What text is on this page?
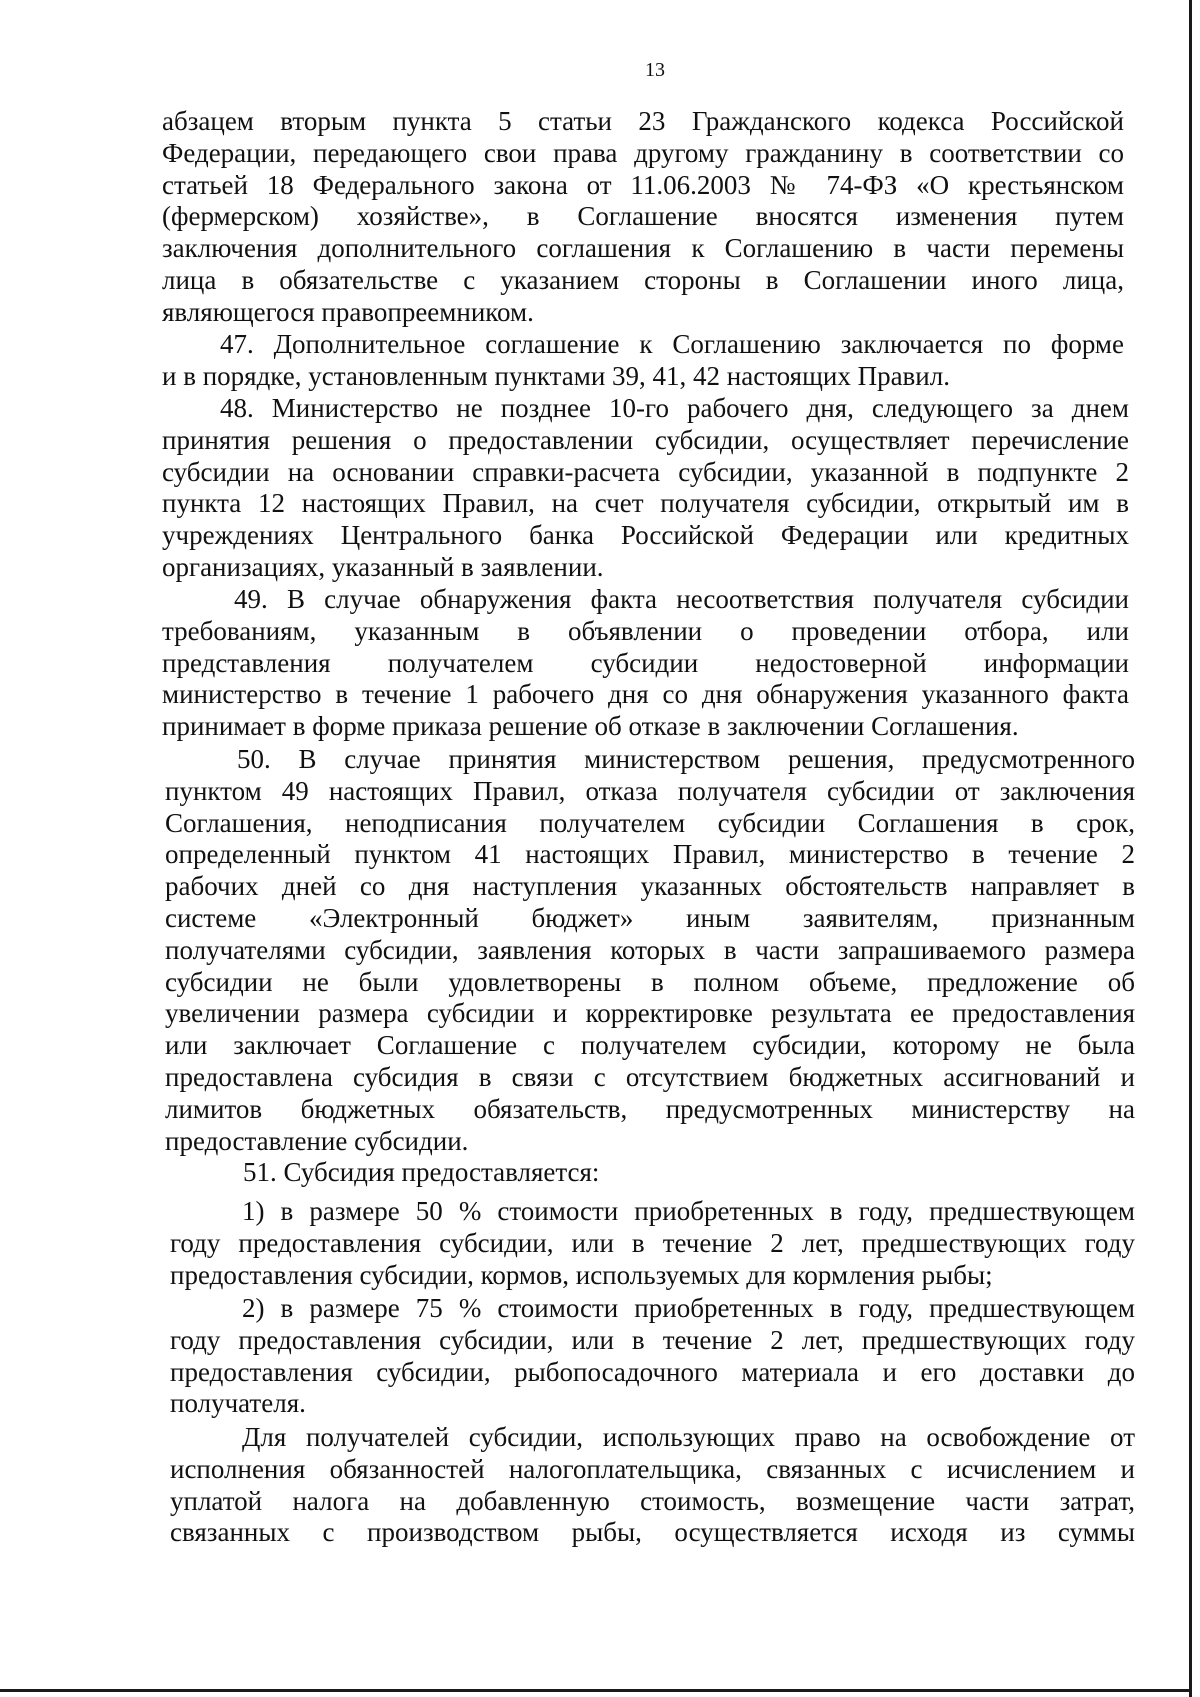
13
абзацем вторым пункта 5 статьи 23 Гражданского кодекса Российской
Федерации, передающего свои права другому гражданину в соответствии со
статьей 18 Федерального закона от 11.06.2003 № 74-ФЗ «О крестьянском
(фермерском) хозяйстве», в Соглашение вносятся изменения путем
заключения дополнительного соглашения к Соглашению в части перемены
лица в обязательстве с указанием стороны в Соглашении иного лица,
являющегося правопреемником.
47. Дополнительное соглашение к Соглашению заключается по форме
и в порядке, установленным пунктами 39, 41, 42 настоящих Правил.
48. Министерство не позднее 10-го рабочего дня, следующего за днем
принятия решения о предоставлении субсидии, осуществляет перечисление
субсидии на основании справки-расчета субсидии, указанной в подпункте 2
пункта 12 настоящих Правил, на счет получателя субсидии, открытый им в
учреждениях Центрального банка Российской Федерации или кредитных
организациях, указанный в заявлении.
49. В случае обнаружения факта несоответствия получателя субсидии
требованиям, указанным в объявлении о проведении отбора, или
представления получателем субсидии недостоверной информации
министерство в течение 1 рабочего дня со дня обнаружения указанного факта
принимает в форме приказа решение об отказе в заключении Соглашения.
50. В случае принятия министерством решения, предусмотренного
пунктом 49 настоящих Правил, отказа получателя субсидии от заключения
Соглашения, неподписания получателем субсидии Соглашения в срок,
определенный пунктом 41 настоящих Правил, министерство в течение 2
рабочих дней со дня наступления указанных обстоятельств направляет в
системе «Электронный бюджет» иным заявителям, признанным
получателями субсидии, заявления которых в части запрашиваемого размера
субсидии не были удовлетворены в полном объеме, предложение об
увеличении размера субсидии и корректировке результата ее предоставления
или заключает Соглашение с получателем субсидии, которому не была
предоставлена субсидия в связи с отсутствием бюджетных ассигнований и
лимитов бюджетных обязательств, предусмотренных министерству на
предоставление субсидии.
51. Субсидия предоставляется:
1) в размере 50 % стоимости приобретенных в году, предшествующем
году предоставления субсидии, или в течение 2 лет, предшествующих году
предоставления субсидии, кормов, используемых для кормления рыбы;
2) в размере 75 % стоимости приобретенных в году, предшествующем
году предоставления субсидии, или в течение 2 лет, предшествующих году
предоставления субсидии, рыбопосадочного материала и его доставки до
получателя.
Для получателей субсидии, использующих право на освобождение от
исполнения обязанностей налогоплательщика, связанных с исчислением и
уплатой налога на добавленную стоимость, возмещение части затрат,
связанных с производством рыбы, осуществляется исходя из суммы
